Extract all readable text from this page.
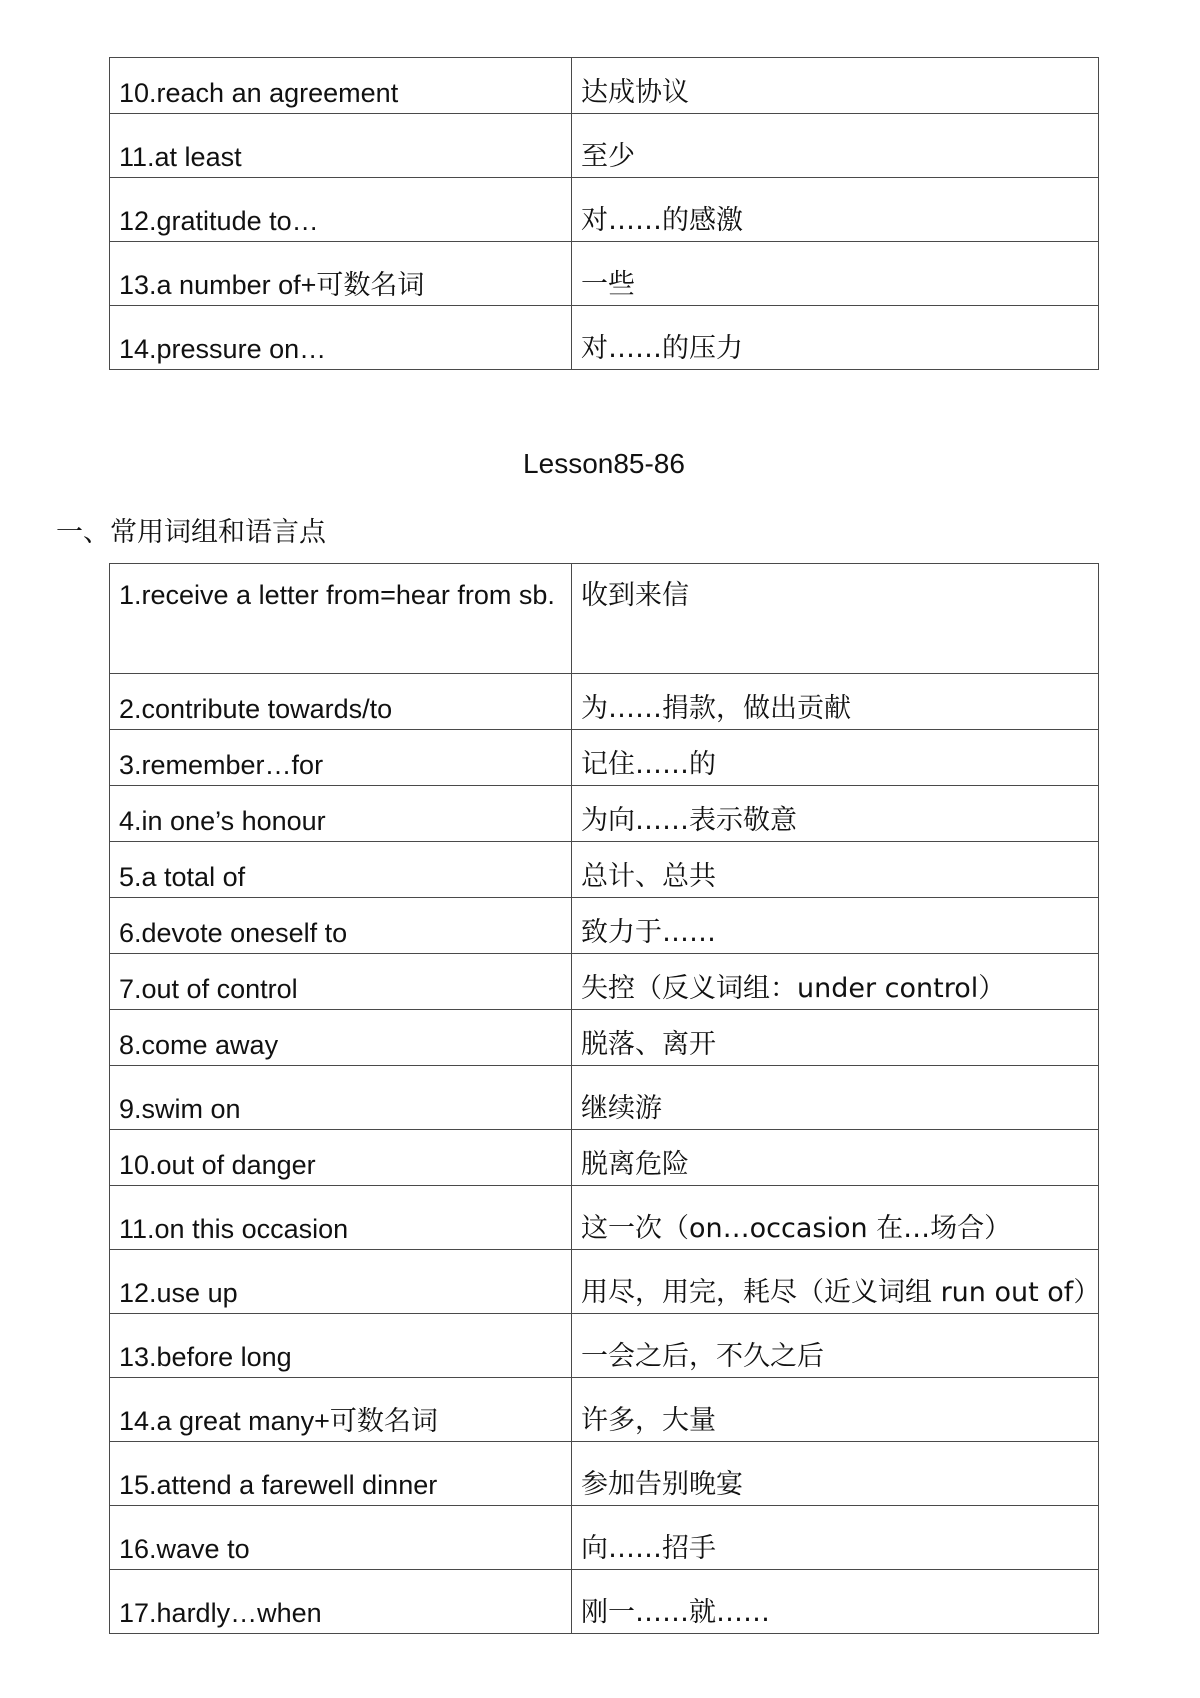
10.reach an agreement	达成协议
11.at least	至少
12.gratitude to…	对……的感激
13.a number of+可数名词	一些
14.pressure on…	对……的压力
Lesson85-86
一、常用词组和语言点
1.receive a letter from=hear from sb.	收到来信
2.contribute towards/to	为……捐款，做出贡献
3.remember…for	记住……的
4.in one’s honour	为向……表示敬意
5.a total of	总计、总共
6.devote oneself to	致力于……
7.out of control	失控（反义词组：under control）
8.come away	脱落、离开
9.swim on	继续游
10.out of danger	脱离危险
11.on this occasion	这一次（on…occasion 在…场合）
12.use up	用尽，用完，耗尽（近义词组 run out of）
13.before long	一会之后，不久之后
14.a great many+可数名词	许多，大量
15.attend a farewell dinner	参加告别晚宴
16.wave to	向……招手
17.hardly…when	刚一……就……
